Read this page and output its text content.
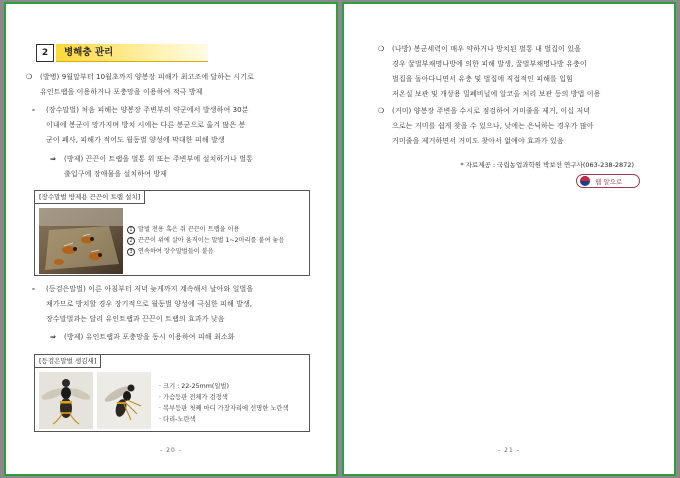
2	병해충 관리
❍ (발병) 9월말부터 10월초까지 양봉장 피해가 최고조에 달하는 시기로
유인트랩을 이용하거나 포충망을 이용하여 적극 방제
- (장수말벌) 처음 피해는 양봉장 주변부의 약군에서 발생하여 30분
이내에 봉군이 망가지며 방치 시에는 다른 봉군으로 옮겨 많은 봉
군이 폐사, 피해가 적어도 월동벌 양성에 막대한 피해 발생
⇒ (방제) 끈끈이 트랩을 벌통 위 또는 주변부에 설치하거나 벌통
출입구에 장애물을 설치하여 방제
[장수말벌 방제용 끈끈이 트랩 설치]
1 말벌 전용 혹은 쥐 끈끈이 트랩을 이용
2 끈끈이 위에 살아 움직이는 말벌 1~2마리를 붙여 놓음
3 연속하여 장수말벌들이 붙음
- (등검은말벌) 이른 아침부터 저녁 늦게까지 계속해서 날아와 일벌을
채가므로 방치할 경우 장기적으로 월동벌 양성에 극심한 피해 발생,
장수말벌과는 달리 유인트랩과 끈끈이 트랩의 효과가 낮음
⇒ (방제) 유인트랩과 포충망을 동시 이용하여 피해 최소화
[등검은말벌 생김새]
· 크기 : 22-25mm(일벌)
· 가슴등판 전체가 검정색
· 복부등판 첫째 마디 가장자리에 선명한 노란색
· 다리-노란색
- 20 -
❍ (나방) 봉군세력이 매우 약하거나 방치된 벌통 내 벌집이 있을
경우 꿀벌부채명나방에 의한 피해 발생, 꿀벌부채명나방 유충이
벌집을 돌아다니면서 유충 및 벌집에 직접적인 피해를 입힘
저온실 보관 및 개상용 밀폐비닐에 알코올 처리 보관 등의 방법 이용
❍ (거미) 양봉장 주변을 수시로 점검하여 거미줄을 제거, 이십 저녁
으로는 거미를 쉽게 찾을 수 있으나, 낮에는 은닉하는 경우가 많아
거미줄을 제거하면서 거미도 찾아서 없애야 효과가 있음
* 자료제공 : 국립농업과학원 박보선 연구사(063-238-2872)
웹 알으로
- 21 -
